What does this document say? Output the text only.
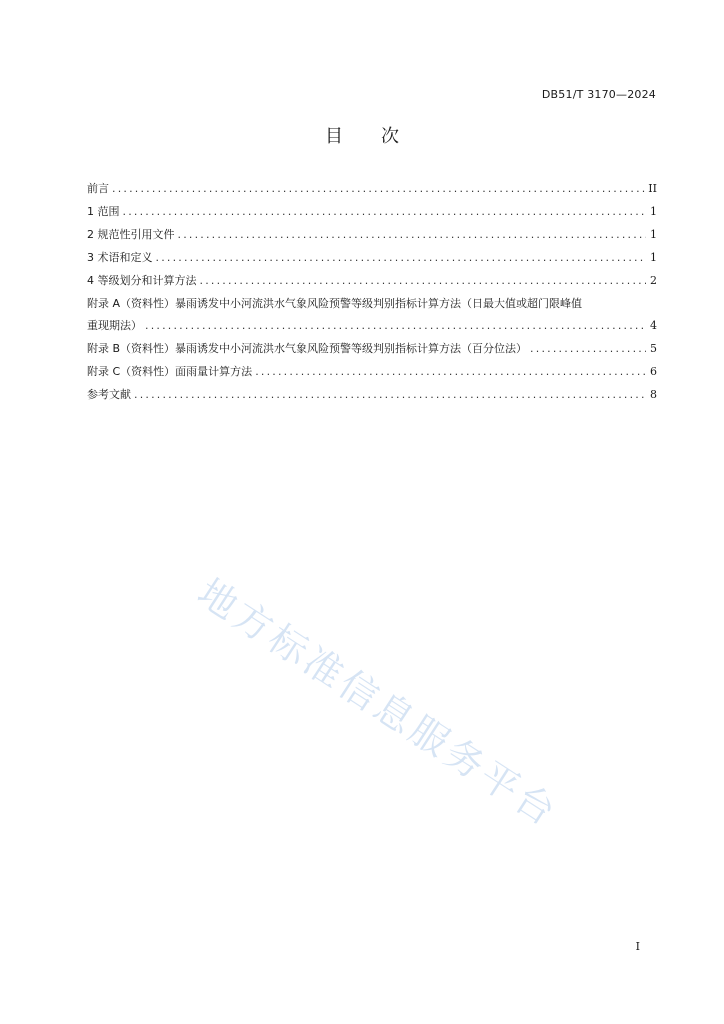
DB51/T 3170—2024
目 次
前言 .....	II
1 范围 .....	1
2 规范性引用文件 .....	1
3 术语和定义 .....	1
4 等级划分和计算方法 .....	2
附录 A（资料性）暴雨诱发中小河流洪水气象风险预警等级判别指标计算方法（日最大值或超门限峰值
重现期法） .....	4
附录 B（资料性）暴雨诱发中小河流洪水气象风险预警等级判别指标计算方法（百分位法） .....	5
附录 C（资料性）面雨量计算方法 .....	6
参考文献 .....	8
地方标准信息服务平台
I
